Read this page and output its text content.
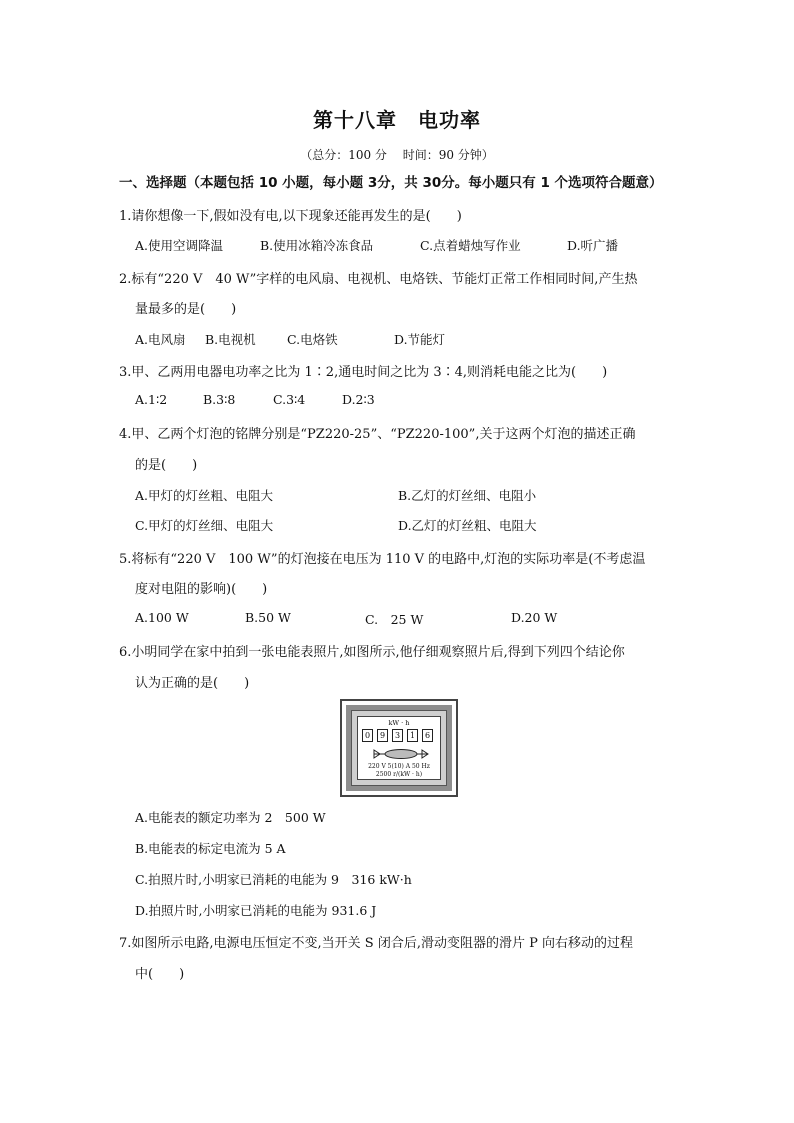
第十八章　电功率
（总分：100 分　 时间：90 分钟）
一、选择题（本题包括 10 小题，每小题 3分，共 30分。每小题只有 1 个选项符合题意）
1.请你想像一下,假如没有电,以下现象还能再发生的是(　　)
A.使用空调降温	B.使用冰箱冷冻食品	C.点着蜡烛写作业	D.听广播
2.标有“220 V　40 W”字样的电风扇、电视机、电烙铁、节能灯正常工作相同时间,产生热
量最多的是(　　)
A.电风扇 B.电视机	C.电烙铁	D.节能灯
3.甲、乙两用电器电功率之比为 1∶2,通电时间之比为 3∶4,则消耗电能之比为(　　)
A.1∶2	B.3∶8	C.3∶4	D.2∶3
4.甲、乙两个灯泡的铭牌分别是“PZ220-25”、“PZ220-100”,关于这两个灯泡的描述正确
的是(　　)
A.甲灯的灯丝粗、电阻大	B.乙灯的灯丝细、电阻小
C.甲灯的灯丝细、电阻大	D.乙灯的灯丝粗、电阻大
5.将标有“220 V　100 W”的灯泡接在电压为 110 V 的电路中,灯泡的实际功率是(不考虑温
度对电阻的影响)(　　)
A.100 W	B.50 W	C.　25 W	D.20 W
6.小明同学在家中拍到一张电能表照片,如图所示,他仔细观察照片后,得到下列四个结论你
认为正确的是(　　)
kW · h
0	9	3	1	6
220 V 5(10) A 50 Hz
2500 r/(kW · h)
A.电能表的额定功率为 2　500 W
B.电能表的标定电流为 5 A
C.拍照片时,小明家已消耗的电能为 9　316 kW·h
D.拍照片时,小明家已消耗的电能为 931.6 J
7.如图所示电路,电源电压恒定不变,当开关 S 闭合后,滑动变阻器的滑片 P 向右移动的过程
中(　　)
